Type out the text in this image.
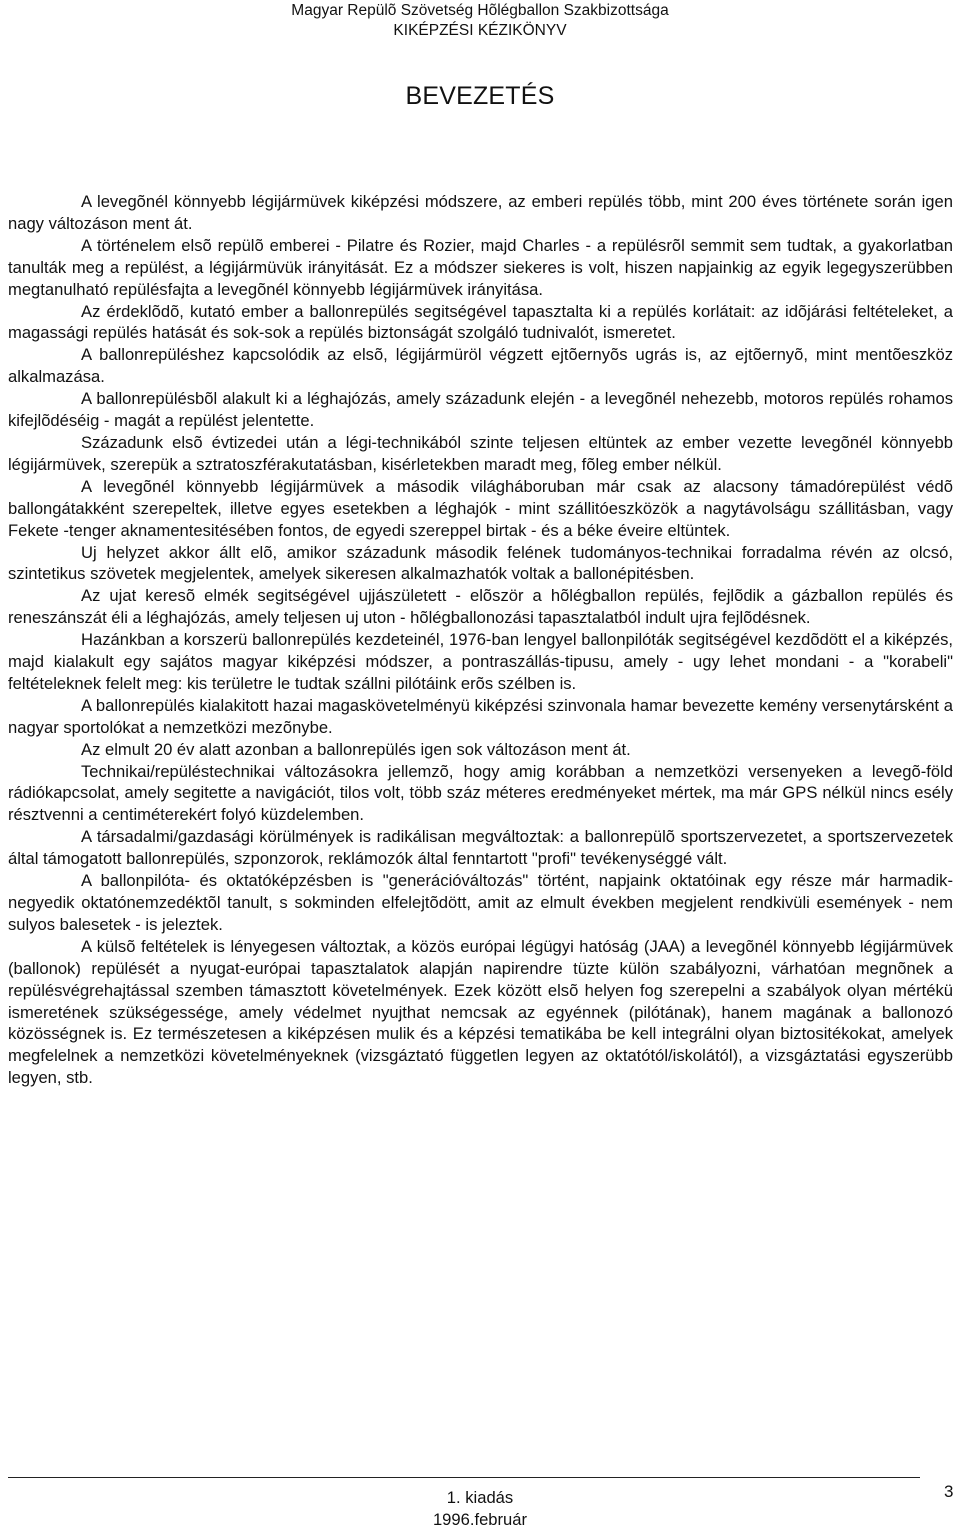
Magyar Repülõ Szövetség Hõlégballon Szakbizottsága
KIKÉPZÉSI KÉZIKÖNYV
BEVEZETÉS

A levegõnél könnyebb légijármüvek kiképzési módszere, az emberi repülés több, mint 200 éves története során igen nagy változáson ment át.

A történelem elsõ repülõ emberei - Pilatre és Rozier, majd Charles - a repülésrõl semmit sem tudtak, a gyakorlatban tanulták meg a repülést, a légijármüvük irányitását. Ez a módszer siekeres is volt, hiszen napjainkig az egyik legegyszerübben megtanulható repülésfajta a levegõnél könnyebb légijármüvek irányitása.

Az érdeklõdõ, kutató ember a ballonrepülés segitségével tapasztalta ki a repülés korlátait: az idõjárási feltételeket, a magassági repülés hatását és sok-sok a repülés biztonságát szolgáló tudnivalót, ismeretet.

A ballonrepüléshez kapcsolódik az elsõ, légijármüröl végzett ejtõernyõs ugrás is, az ejtõernyõ, mint mentõeszköz alkalmazása.

A ballonrepülésbõl alakult ki a léghajózás, amely századunk elején - a levegõnél nehezebb, motoros repülés rohamos kifejlõdéséig - magát a repülést jelentette.

Századunk elsõ évtizedei után a légi-technikából szinte teljesen eltüntek az ember vezette levegõnél könnyebb légijármüvek, szerepük a sztratoszférakutatásban, kisérletekben maradt meg, fõleg ember nélkül.

A levegõnél könnyebb légijármüvek a második világháboruban már csak az alacsony támadórepülést védõ ballongátakként szerepeltek, illetve egyes esetekben a léghajók - mint szállitóeszközök a nagytávolságu szállitásban, vagy Fekete -tenger aknamentesitésében fontos, de egyedi szereppel birtak - és a béke éveire eltüntek.

Uj helyzet akkor állt elõ, amikor századunk második felének tudományos-technikai forradalma révén az olcsó, szintetikus szövetek megjelentek, amelyek sikeresen alkalmazhatók voltak a ballonépitésben.

Az ujat keresõ elmék segitségével ujjászületett - elõször a hõlégballon repülés, fejlõdik a gázballon repülés és reneszánszát éli a léghajózás, amely teljesen uj uton - hõlégballonozási tapasztalatból indult ujra fejlõdésnek.

Hazánkban a korszerü ballonrepülés kezdeteinél, 1976-ban lengyel ballonpilóták segitségével kezdõdött el a kiképzés, majd kialakult egy sajátos magyar kiképzési módszer, a pontraszállás-tipusu, amely - ugy lehet mondani - a "korabeli" feltételeknek felelt meg: kis területre le tudtak szállni pilótáink erõs szélben is.

A ballonrepülés kialakitott hazai magaskövetelményü kiképzési szinvonala hamar bevezette kemény versenytársként a nagyar sportolókat a nemzetközi mezõnybe.

Az elmult 20 év alatt azonban a ballonrepülés igen sok változáson ment át.

Technikai/repüléstechnikai változásokra jellemzõ, hogy amig korábban a nemzetközi versenyeken a levegõ-föld rádiókapcsolat, amely segitette a navigációt, tilos volt, több száz méteres eredményeket mértek, ma már GPS nélkül nincs esély résztvenni a centiméterekért folyó küzdelemben.

A társadalmi/gazdasági körülmények is radikálisan megváltoztak: a ballonrepülõ sportszervezetet, a sportszervezetek által támogatott ballonrepülés, szponzorok, reklámozók által fenntartott "profi" tevékenységgé vált.

A ballonpilóta- és oktatóképzésben is "generációváltozás" történt, napjaink oktatóinak egy része már harmadik-negyedik oktatónemzedéktõl tanult, s sokminden elfelejtõdött, amit az elmult években megjelent rendkivüli események - nem sulyos balesetek - is jeleztek.

A külsõ feltételek is lényegesen változtak, a közös európai légügyi hatóság (JAA) a levegõnél könnyebb légijármüvek (ballonok) repülését a nyugat-európai tapasztalatok alapján napirendre tüzte külön szabályozni, várhatóan megnõnek a repülésvégrehajtással szemben támasztott követelmények. Ezek között elsõ helyen fog szerepelni a szabályok olyan mértékü ismeretének szükségessége, amely védelmet nyujthat nemcsak az egyénnek (pilótának), hanem magának a ballonozó közösségnek is. Ez természetesen a kiképzésen mulik és a képzési tematikába be kell integrálni olyan biztositékokat, amelyek megfelelnek a nemzetközi követelményeknek (vizsgáztató független legyen az oktatótól/iskolától), a vizsgáztatási egyszerübb legyen, stb.

3
1. kiadás
1996.február
